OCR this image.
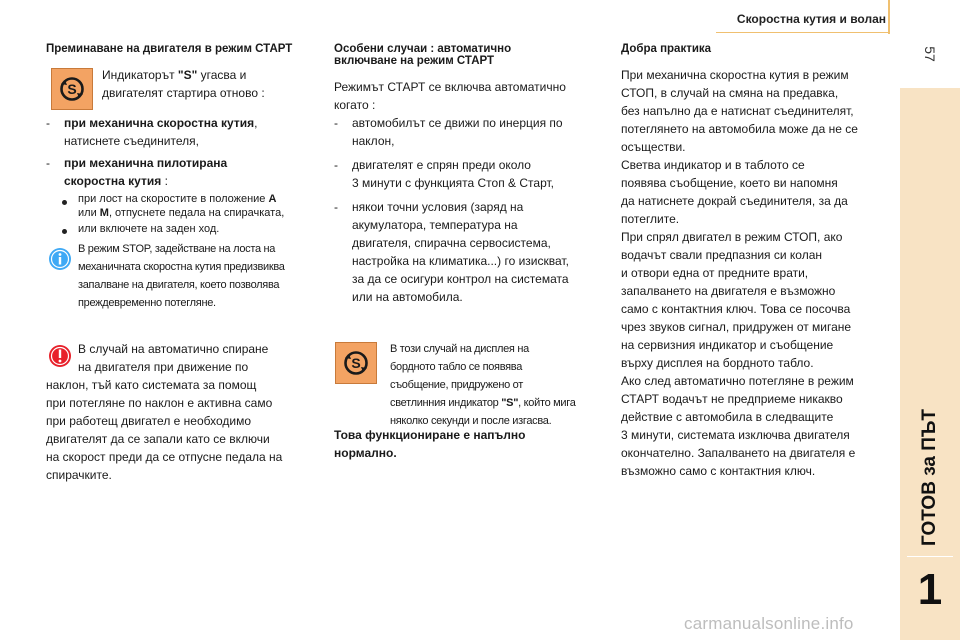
Скоростна кутия и волан
57
ГОТОВ за ПЪТ
1
Преминаване на двигателя в режим СТАРТ
S
Индикаторът "S" угасва и
двигателят стартира отново :
- при механична скоростна кутия,
натиснете съединителя,
- при механична пилотирана
скоростна кутия :
при лост на скоростите в положение A
или M, отпуснете педала на спирачката,
или включете на заден ход.
В режим STOP, задействане на лоста на
механичната скоростна кутия предизвиква
запалване на двигателя, което позволява
преждевременно потегляне.
В случай на автоматично спиране
на двигателя при движение по
наклон, тъй като системата за помощ
при потегляне по наклон е активна само
при работещ двигател е необходимо
двигателят да се запали като се включи
на скорост преди да се отпусне педала на
спирачките.
Особени случаи : автоматично
включване на режим СТАРТ
Режимът СТАРТ се включва автоматично
когато :
- автомобилът се движи по инерция по
наклон,
- двигателят е спрян преди около
3 минути с функцията Стоп & Старт,
- някои точни условия (заряд на
акумулатора, температура на
двигателя, спирачна сервосистема,
настройка на климатика...) го изискват,
за да се осигури контрол на системата
или на автомобила.
S
В този случай на дисплея на
бордното табло се появява
съобщение, придружено от
светлинния индикатор "S", който мига
няколко секунди и после изгасва.
Това функциониране е напълно
нормално.
Добра практика
При механична скоростна кутия в режим
СТОП, в случай на смяна на предавка,
без напълно да е натиснат съединителят,
потеглянето на автомобила може да не се
осъществи.
Светва индикатор и в таблото се
появява съобщение, което ви напомня
да натиснете докрай съединителя, за да
потеглите.
При спрял двигател в режим СТОП, ако
водачът свали предпазния си колан
и отвори една от предните врати,
запалването на двигателя е възможно
само с контактния ключ. Това се посочва
чрез звуков сигнал, придружен от мигане
на сервизния индикатор и съобщение
върху дисплея на бордното табло.
Ако след автоматично потегляне в режим
СТАРТ водачът не предприеме никакво
действие с автомобила в следващите
3 минути, системата изключва двигателя
окончателно. Запалването на двигателя е
възможно само с контактния ключ.
carmanualsonline.info
